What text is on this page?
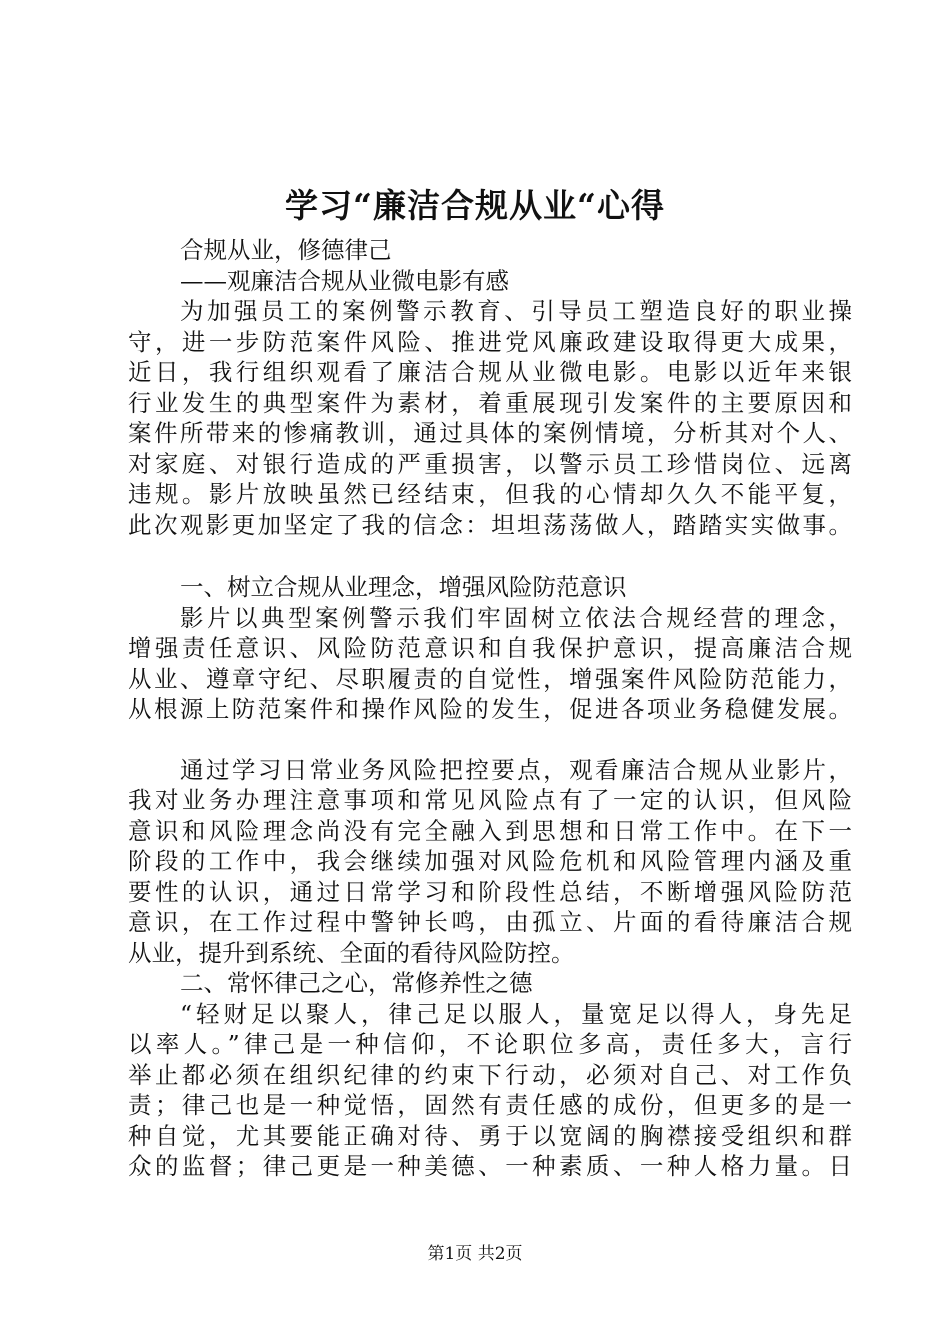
学习“廉洁合规从业“心得
合规从业，修德律己
——观廉洁合规从业微电影有感
为加强员工的案例警示教育、引导员工塑造良好的职业操
守，进一步防范案件风险、推进党风廉政建设取得更大成果，
近日，我行组织观看了廉洁合规从业微电影。电影以近年来银
行业发生的典型案件为素材，着重展现引发案件的主要原因和
案件所带来的惨痛教训，通过具体的案例情境，分析其对个人、
对家庭、对银行造成的严重损害，以警示员工珍惜岗位、远离
违规。影片放映虽然已经结束，但我的心情却久久不能平复，
此次观影更加坚定了我的信念：坦坦荡荡做人，踏踏实实做事。
一、树立合规从业理念，增强风险防范意识
影片以典型案例警示我们牢固树立依法合规经营的理念，
增强责任意识、风险防范意识和自我保护意识，提高廉洁合规
从业、遵章守纪、尽职履责的自觉性，增强案件风险防范能力，
从根源上防范案件和操作风险的发生，促进各项业务稳健发展。
通过学习日常业务风险把控要点，观看廉洁合规从业影片，
我对业务办理注意事项和常见风险点有了一定的认识，但风险
意识和风险理念尚没有完全融入到思想和日常工作中。在下一
阶段的工作中，我会继续加强对风险危机和风险管理内涵及重
要性的认识，通过日常学习和阶段性总结，不断增强风险防范
意识，在工作过程中警钟长鸣，由孤立、片面的看待廉洁合规
从业，提升到系统、全面的看待风险防控。
二、常怀律己之心，常修养性之德
“轻财足以聚人，律己足以服人，量宽足以得人，身先足
以率人。”律己是一种信仰，不论职位多高，责任多大，言行
举止都必须在组织纪律的约束下行动，必须对自己、对工作负
责；律己也是一种觉悟，固然有责任感的成份，但更多的是一
种自觉，尤其要能正确对待、勇于以宽阔的胸襟接受组织和群
众的监督；律己更是一种美德、一种素质、一种人格力量。日
第1页 共2页
